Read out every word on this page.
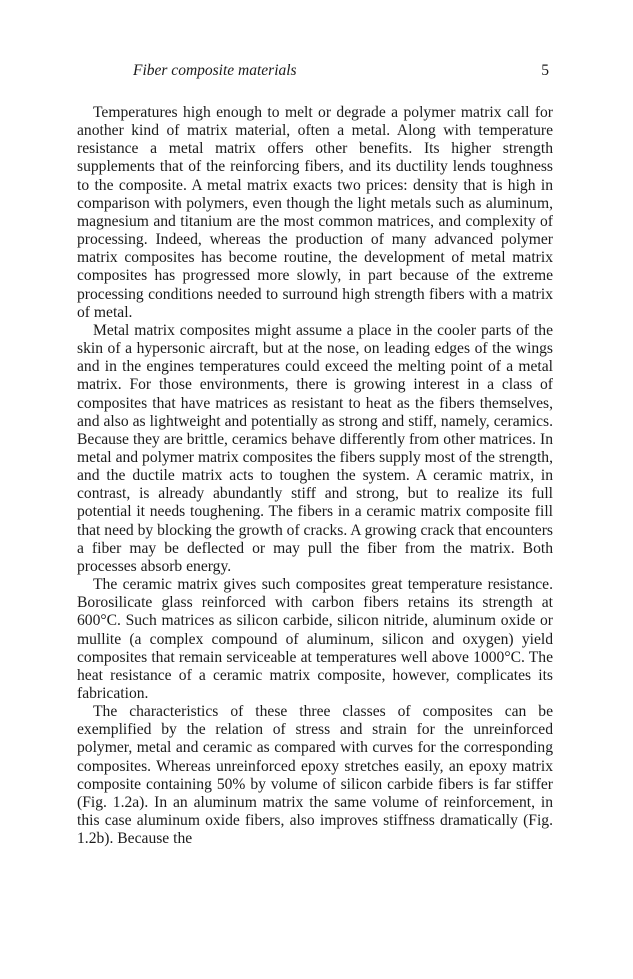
Fiber composite materials	5

Temperatures high enough to melt or degrade a polymer matrix call for another kind of matrix material, often a metal. Along with temperature resistance a metal matrix offers other benefits. Its higher strength supplements that of the reinforcing fibers, and its ductility lends toughness to the composite. A metal matrix exacts two prices: density that is high in comparison with polymers, even though the light metals such as aluminum, magnesium and titanium are the most common matrices, and complexity of processing. Indeed, whereas the production of many advanced polymer matrix composites has become routine, the development of metal matrix composites has progressed more slowly, in part because of the extreme processing conditions needed to surround high strength fibers with a matrix of metal.

Metal matrix composites might assume a place in the cooler parts of the skin of a hypersonic aircraft, but at the nose, on leading edges of the wings and in the engines temperatures could exceed the melting point of a metal matrix. For those environments, there is growing interest in a class of composites that have matrices as resistant to heat as the fibers themselves, and also as lightweight and potentially as strong and stiff, namely, ceramics. Because they are brittle, ceramics behave differently from other matrices. In metal and polymer matrix composites the fibers supply most of the strength, and the ductile matrix acts to toughen the system. A ceramic matrix, in contrast, is already abundantly stiff and strong, but to realize its full potential it needs toughening. The fibers in a ceramic matrix composite fill that need by blocking the growth of cracks. A growing crack that encounters a fiber may be deflected or may pull the fiber from the matrix. Both processes absorb energy.

The ceramic matrix gives such composites great temperature resistance. Borosilicate glass reinforced with carbon fibers retains its strength at 600°C. Such matrices as silicon carbide, silicon nitride, aluminum oxide or mullite (a complex compound of aluminum, silicon and oxygen) yield composites that remain serviceable at temperatures well above 1000°C. The heat resistance of a ceramic matrix composite, however, complicates its fabrication.

The characteristics of these three classes of composites can be exemplified by the relation of stress and strain for the unreinforced polymer, metal and ceramic as compared with curves for the corresponding composites. Whereas unreinforced epoxy stretches easily, an epoxy matrix composite containing 50% by volume of silicon carbide fibers is far stiffer (Fig. 1.2a). In an aluminum matrix the same volume of reinforcement, in this case aluminum oxide fibers, also improves stiffness dramatically (Fig. 1.2b). Because the
